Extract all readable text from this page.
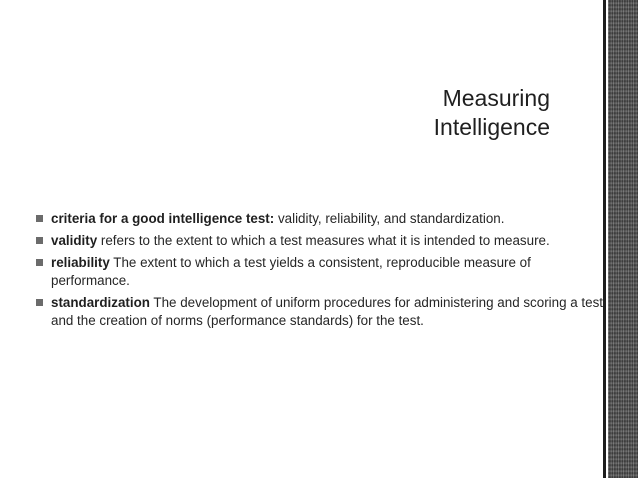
Measuring
Intelligence
criteria for a good intelligence test: validity, reliability, and standardization.
validity refers to the extent to which a test measures what it is intended to measure.
reliability The extent to which a test yields a consistent, reproducible measure of performance.
standardization The development of uniform procedures for administering and scoring a test and the creation of norms (performance standards) for the test.
